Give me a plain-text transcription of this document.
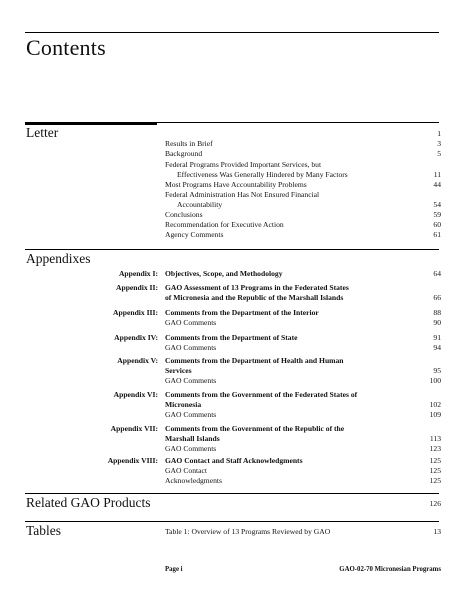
Contents
Letter	1
Results in Brief	3
Background	5
Federal Programs Provided Important Services, but
Effectiveness Was Generally Hindered by Many Factors	11
Most Programs Have Accountability Problems	44
Federal Administration Has Not Ensured Financial
Accountability	54
Conclusions	59
Recommendation for Executive Action	60
Agency Comments	61
Appendixes
Appendix I: Objectives, Scope, and Methodology	64
Appendix II: GAO Assessment of 13 Programs in the Federated States
of Micronesia and the Republic of the Marshall Islands	66
Appendix III: Comments from the Department of the Interior	88
GAO Comments	90
Appendix IV: Comments from the Department of State	91
GAO Comments	94
Appendix V: Comments from the Department of Health and Human
Services	95
GAO Comments	100
Appendix VI: Comments from the Government of the Federated States of
Micronesia	102
GAO Comments	109
Appendix VII: Comments from the Government of the Republic of the
Marshall Islands	113
GAO Comments	123
Appendix VIII: GAO Contact and Staff Acknowledgments	125
GAO Contact	125
Acknowledgments	125
Related GAO Products	126
Tables	Table 1: Overview of 13 Programs Reviewed by GAO	13
Page i	GAO-02-70 Micronesian Programs
